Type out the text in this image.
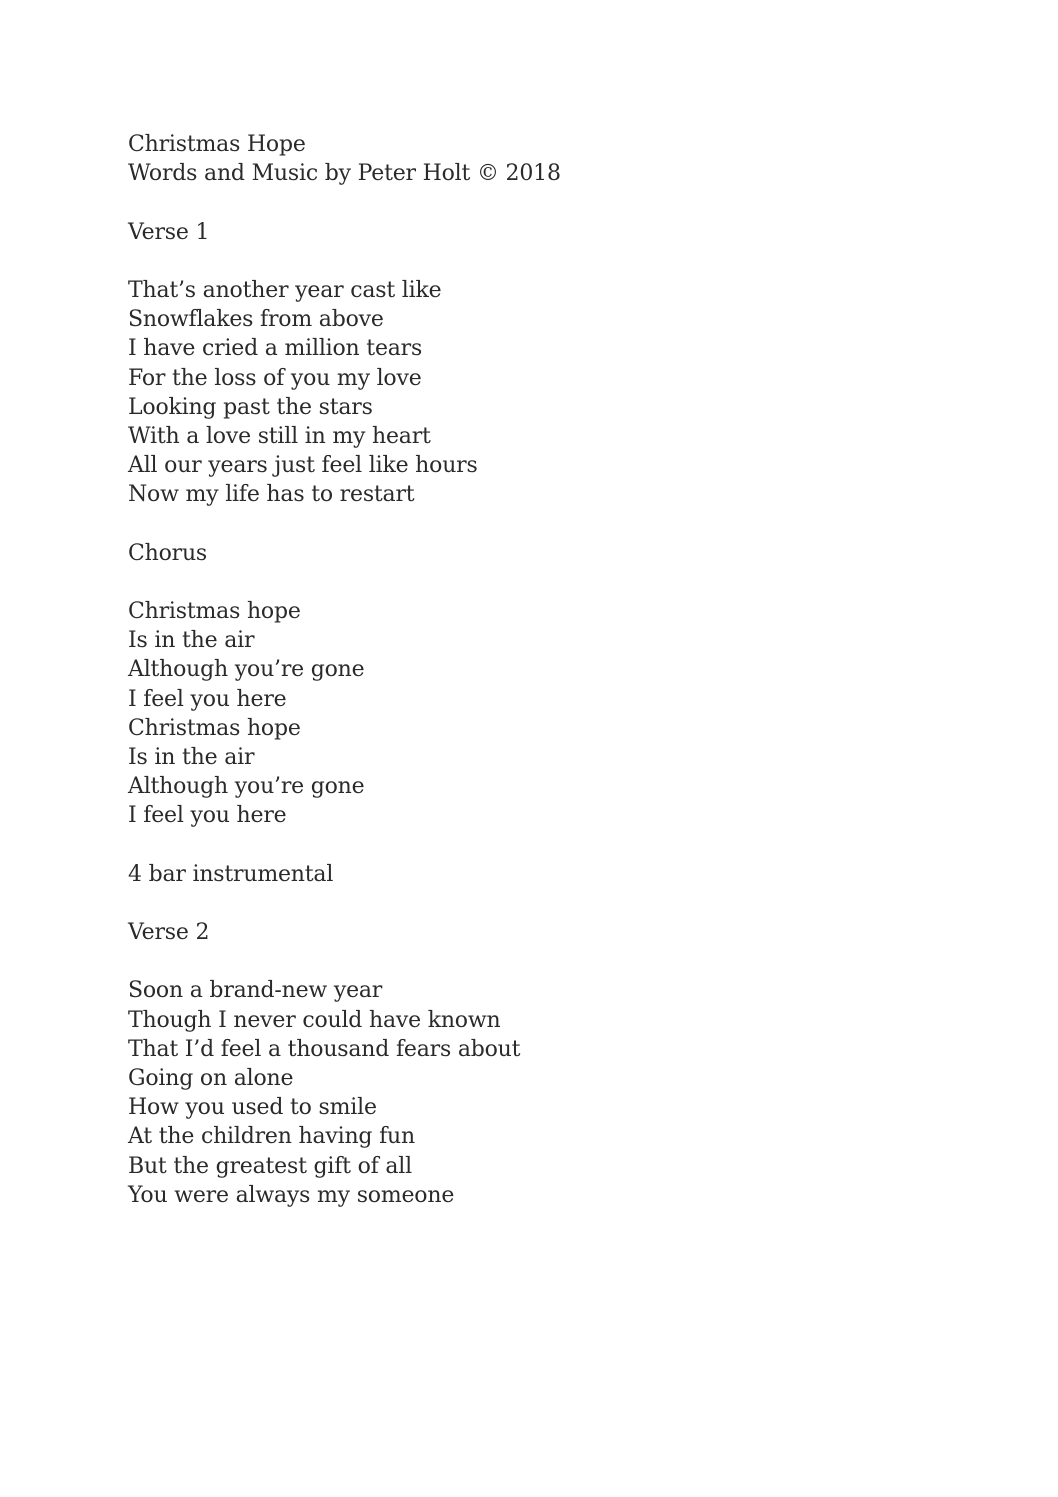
Christmas Hope
Words and Music by Peter Holt © 2018
Verse 1
That’s another year cast like
Snowflakes from above
I have cried a million tears
For the loss of you my love
Looking past the stars
With a love still in my heart
All our years just feel like hours
Now my life has to restart
Chorus
Christmas hope
Is in the air
Although you’re gone
I feel you here
Christmas hope
Is in the air
Although you’re gone
I feel you here
4 bar instrumental
Verse 2
Soon a brand-new year
Though I never could have known
That I’d feel a thousand fears about
Going on alone
How you used to smile
At the children having fun
But the greatest gift of all
You were always my someone
